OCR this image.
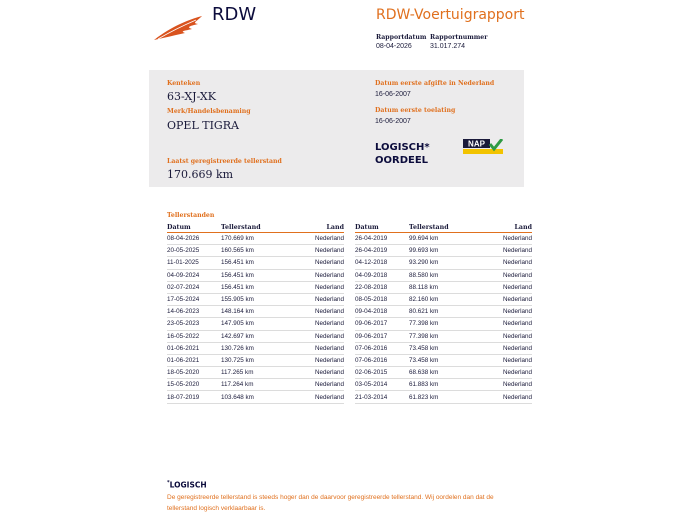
RDW	RDW-Voertuigrapport
Rapportdatum
08-04-2026
Rapportnummer
31.017.274
Kenteken
63-XJ-XK
Merk/Handelsbenaming
OPEL TIGRA
Laatst geregistreerde tellerstand
170.669 km
Datum eerste afgifte in Nederland
16-06-2007
Datum eerste toelating
16-06-2007
LOGISCH*
OORDEEL
NAP
Tellerstanden
Datum	Tellerstand	Land
08-04-2026	170.669 km	Nederland
20-05-2025	160.565 km	Nederland
11-01-2025	156.451 km	Nederland
04-09-2024	156.451 km	Nederland
02-07-2024	156.451 km	Nederland
17-05-2024	155.905 km	Nederland
14-06-2023	148.164 km	Nederland
23-05-2023	147.905 km	Nederland
16-05-2022	142.697 km	Nederland
01-06-2021	130.726 km	Nederland
01-06-2021	130.725 km	Nederland
18-05-2020	117.265 km	Nederland
15-05-2020	117.264 km	Nederland
18-07-2019	103.648 km	Nederland
Datum	Tellerstand	Land
26-04-2019	99.694 km	Nederland
26-04-2019	99.693 km	Nederland
04-12-2018	93.290 km	Nederland
04-09-2018	88.580 km	Nederland
22-08-2018	88.118 km	Nederland
08-05-2018	82.160 km	Nederland
09-04-2018	80.621 km	Nederland
09-06-2017	77.398 km	Nederland
09-06-2017	77.398 km	Nederland
07-06-2016	73.458 km	Nederland
07-06-2016	73.458 km	Nederland
02-06-2015	68.638 km	Nederland
03-05-2014	61.883 km	Nederland
21-03-2014	61.823 km	Nederland
*LOGISCH
De geregistreerde tellerstand is steeds hoger dan de daarvoor geregistreerde tellerstand. Wij oordelen dan dat de tellerstand logisch verklaarbaar is.
